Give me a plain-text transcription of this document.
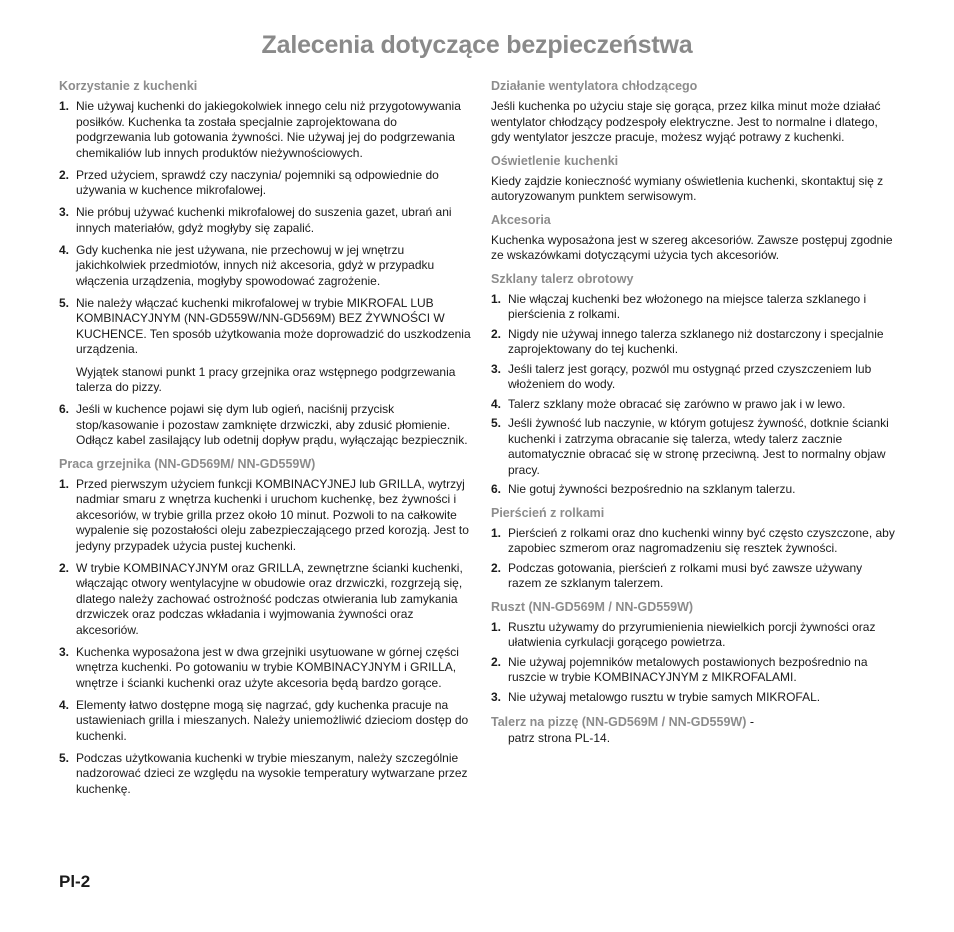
Zalecenia dotyczące bezpieczeństwa
Korzystanie z kuchenki
1. Nie używaj kuchenki do jakiegokolwiek innego celu niż przygotowywania posiłków. Kuchenka ta została specjalnie zaprojektowana do podgrzewania lub gotowania żywności. Nie używaj jej do podgrzewania chemikaliów lub innych produktów nieżywnościowych.
2. Przed użyciem, sprawdź czy naczynia/ pojemniki są odpowiednie do używania w kuchence mikrofalowej.
3. Nie próbuj używać kuchenki mikrofalowej do suszenia gazet, ubrań ani innych materiałów, gdyż mogłyby się zapalić.
4. Gdy kuchenka nie jest używana, nie przechowuj w jej wnętrzu jakichkolwiek przedmiotów, innych niż akcesoria, gdyż w przypadku włączenia urządzenia, mogłyby spowodować zagrożenie.
5. Nie należy włączać kuchenki mikrofalowej w trybie MIKROFAL LUB KOMBINACYJNYM (NN-GD559W/NN-GD569M) BEZ ŻYWNOŚCI W KUCHENCE. Ten sposób użytkowania może doprowadzić do uszkodzenia urządzenia.
Wyjątek stanowi punkt 1 pracy grzejnika oraz wstępnego podgrzewania talerza do pizzy.
6. Jeśli w kuchence pojawi się dym lub ogień, naciśnij przycisk stop/kasowanie i pozostaw zamknięte drzwiczki, aby zdusić płomienie. Odłącz kabel zasilający lub odetnij dopływ prądu, wyłączając bezpiecznik.
Praca grzejnika (NN-GD569M/ NN-GD559W)
1. Przed pierwszym użyciem funkcji KOMBINACYJNEJ lub GRILLA, wytrzyj nadmiar smaru z wnętrza kuchenki i uruchom kuchenkę, bez żywności i akcesoriów, w trybie grilla przez około 10 minut. Pozwoli to na całkowite wypalenie się pozostałości oleju zabezpieczającego przed korozją. Jest to jedyny przypadek użycia pustej kuchenki.
2. W trybie KOMBINACYJNYM oraz GRILLA, zewnętrzne ścianki kuchenki, włączając otwory wentylacyjne w obudowie oraz drzwiczki, rozgrzeją się, dlatego należy zachować ostrożność podczas otwierania lub zamykania drzwiczek oraz podczas wkładania i wyjmowania żywności oraz akcesoriów.
3. Kuchenka wyposażona jest w dwa grzejniki usytuowane w górnej części wnętrza kuchenki. Po gotowaniu w trybie KOMBINACYJNYM i GRILLA, wnętrze i ścianki kuchenki oraz użyte akcesoria będą bardzo gorące.
4. Elementy łatwo dostępne mogą się nagrzać, gdy kuchenka pracuje na ustawieniach grilla i mieszanych. Należy uniemożliwić dzieciom dostęp do kuchenki.
5. Podczas użytkowania kuchenki w trybie mieszanym, należy szczególnie nadzorować dzieci ze względu na wysokie temperatury wytwarzane przez kuchenkę.
Działanie wentylatora chłodzącego

Jeśli kuchenka po użyciu staje się gorąca, przez kilka minut może działać wentylator chłodzący podzespoły elektryczne. Jest to normalne i dlatego, gdy wentylator jeszcze pracuje, możesz wyjąć potrawy z kuchenki.

Oświetlenie kuchenki

Kiedy zajdzie konieczność wymiany oświetlenia kuchenki, skontaktuj się z autoryzowanym punktem serwisowym.

Akcesoria

Kuchenka wyposażona jest w szereg akcesoriów. Zawsze postępuj zgodnie ze wskazówkami dotyczącymi użycia tych akcesoriów.

Szklany talerz obrotowy
1. Nie włączaj kuchenki bez włożonego na miejsce talerza szklanego i pierścienia z rolkami.
2. Nigdy nie używaj innego talerza szklanego niż dostarczony i specjalnie zaprojektowany do tej kuchenki.
3. Jeśli talerz jest gorący, pozwól mu ostygnąć przed czyszczeniem lub włożeniem do wody.
4. Talerz szklany może obracać się zarówno w prawo jak i w lewo.
5. Jeśli żywność lub naczynie, w którym gotujesz żywność, dotknie ścianki kuchenki i zatrzyma obracanie się talerza, wtedy talerz zacznie automatycznie obracać się w stronę przeciwną. Jest to normalny objaw pracy.
6. Nie gotuj żywności bezpośrednio na szklanym talerzu.
Pierścień z rolkami
1. Pierścień z rolkami oraz dno kuchenki winny być często czyszczone, aby zapobiec szmerom oraz nagromadzeniu się resztek żywności.
2. Podczas gotowania, pierścień z rolkami musi być zawsze używany razem ze szklanym talerzem.
Ruszt (NN-GD569M / NN-GD559W)
1. Rusztu używamy do przyrumienienia niewielkich porcji żywności oraz ułatwienia cyrkulacji gorącego powietrza.
2. Nie używaj pojemników metalowych postawionych bezpośrednio na ruszcie w trybie KOMBINACYJNYM z MIKROFALAMI.
3. Nie używaj metalowgo rusztu w trybie samych MIKROFAL.
Talerz na pizzę (NN-GD569M / NN-GD559W) -
patrz strona PL-14.
Pl-2
